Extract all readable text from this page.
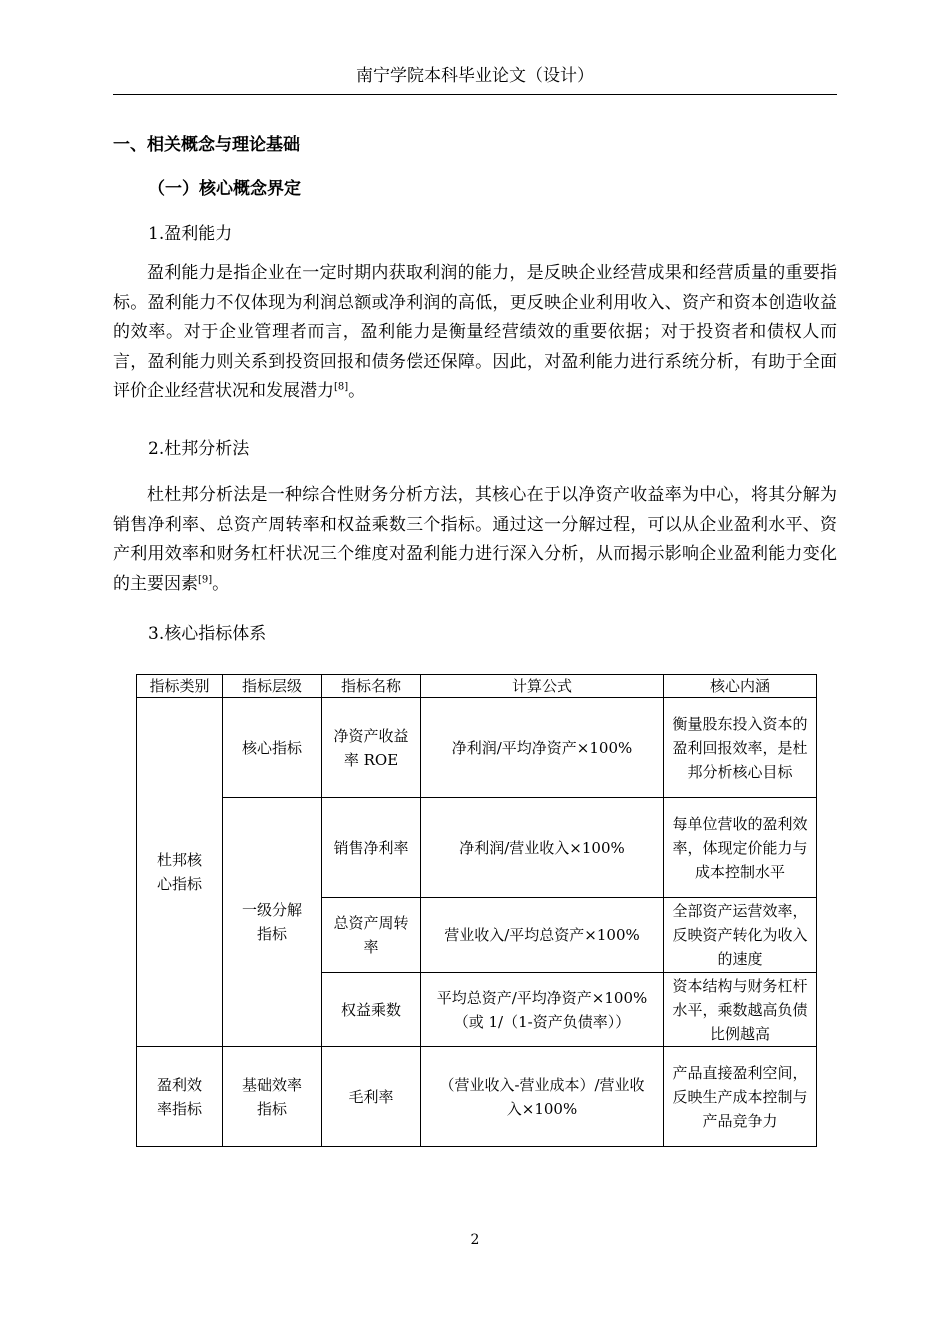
南宁学院本科毕业论文（设计）
一、相关概念与理论基础
（一）核心概念界定
1.盈利能力

盈利能力是指企业在一定时期内获取利润的能力，是反映企业经营成果和经营质量的重要指标。盈利能力不仅体现为利润总额或净利润的高低，更反映企业利用收入、资产和资本创造收益的效率。对于企业管理者而言，盈利能力是衡量经营绩效的重要依据；对于投资者和债权人而言，盈利能力则关系到投资回报和债务偿还保障。因此，对盈利能力进行系统分析，有助于全面评价企业经营状况和发展潜力[8]。

2.杜邦分析法

杜杜邦分析法是一种综合性财务分析方法，其核心在于以净资产收益率为中心，将其分解为销售净利率、总资产周转率和权益乘数三个指标。通过这一分解过程，可以从企业盈利水平、资产利用效率和财务杠杆状况三个维度对盈利能力进行深入分析，从而揭示影响企业盈利能力变化的主要因素[9]。

3.核心指标体系
指标类别	指标层级	指标名称	计算公式	核心内涵
杜邦核心指标	核心指标	净资产收益率 ROE	净利润/平均净资产×100%	衡量股东投入资本的盈利回报效率，是杜邦分析核心目标
	一级分解指标	销售净利率	净利润/营业收入×100%	每单位营收的盈利效率，体现定价能力与成本控制水平
		总资产周转率	营业收入/平均总资产×100%	全部资产运营效率，反映资产转化为收入的速度
		权益乘数	平均总资产/平均净资产×100%（或 1/（1-资产负债率））	资本结构与财务杠杆水平，乘数越高负债比例越高
盈利效率指标	基础效率指标	毛利率	（营业收入-营业成本）/营业收入×100%	产品直接盈利空间，反映生产成本控制与产品竞争力
2
